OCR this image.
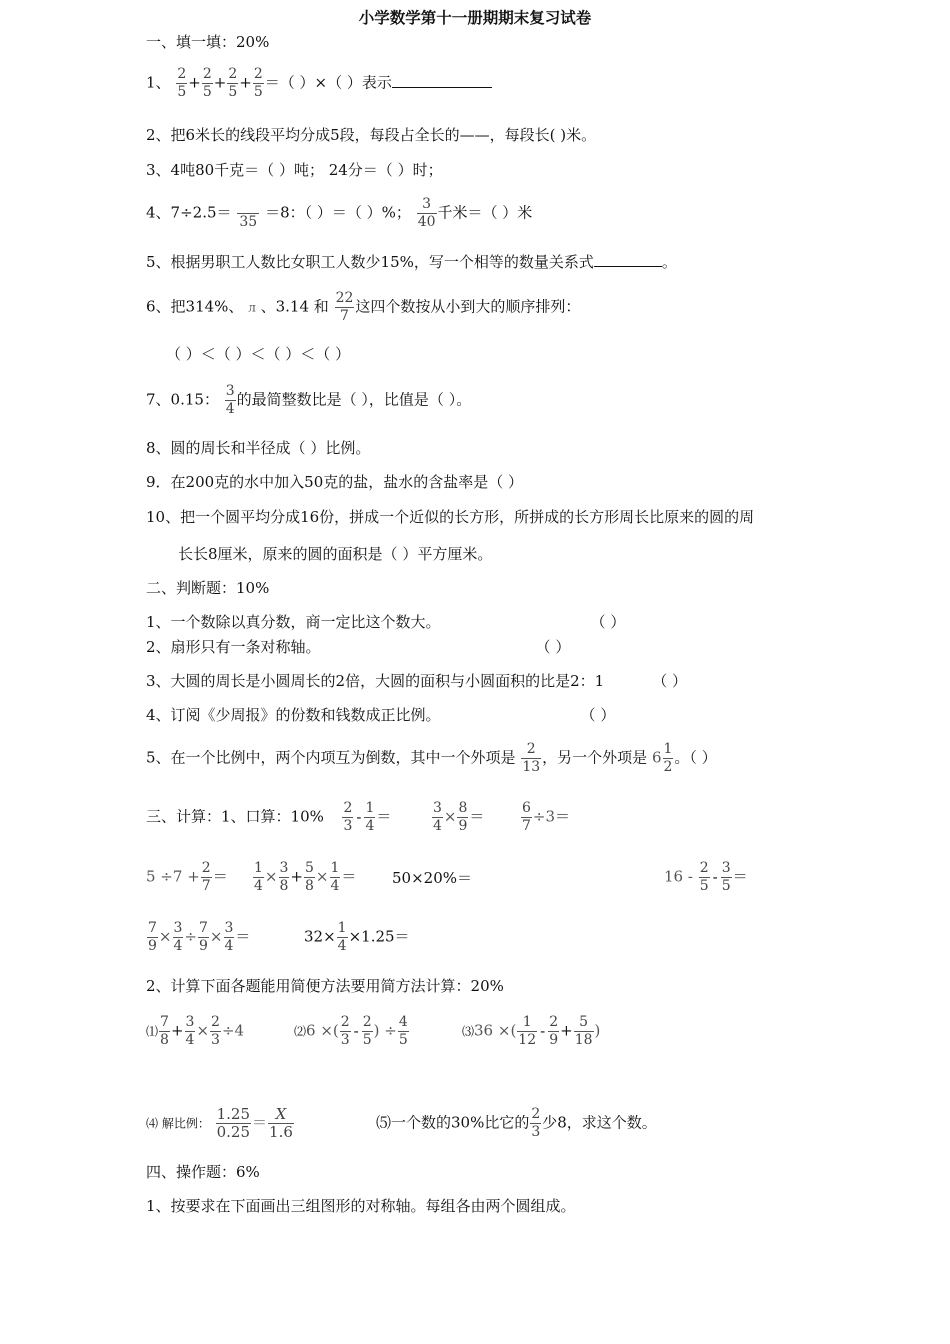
小学数学第十一册期期末复习试卷
一、填一填：20%
1、 $\frac{2}{5} + \frac{2}{5} + \frac{2}{5} + \frac{2}{5}$ ＝（ ）×（ ）表示
2、把6米长的线段平均分成5段，每段占全长的——，每段长( )米。
3、4吨80千克＝（ ）吨； 24分＝（ ）时；
4、7÷2.5＝
35
＝8：（ ）＝（ ）%； $\frac{3}{40}$ 千米＝（ ）米
5、根据男职工人数比女职工人数少15%，写一个相等的数量关系式	。
6、把314%、 л 、3.14 和 $\frac{22}{7}$ 这四个数按从小到大的顺序排列：
（ ）＜（ ）＜（ ）＜（ ）
7、0.15： $\frac{3}{4}$ 的最简整数比是（ ），比值是（ ）。
8、圆的周长和半径成（ ）比例。
9．在200克的水中加入50克的盐，盐水的含盐率是（ ）
10、把一个圆平均分成16份，拼成一个近似的长方形，所拼成的长方形周长比原来的圆的周
长长8厘米，原来的圆的面积是（ ）平方厘米。
二、判断题：10%
1、一个数除以真分数，商一定比这个数大。	（ ）
2、扇形只有一条对称轴。	（ ）
3、大圆的周长是小圆周长的2倍，大圆的面积与小圆面积的比是2：1	（ ）
4、订阅《少周报》的份数和钱数成正比例。	（ ）
5、在一个比例中，两个内项互为倒数，其中一个外项是 $\frac{2}{13}$ ，另一个外项是 $6 \frac{1}{2}$ 。（ ）
三、计算：1、口算：$10\% \frac{2}{3} - \frac{1}{4}$ ＝	$\frac{3}{4} \times \frac{8}{9}$ ＝	$\frac{6}{7} \div 3=$
$5 \div 7 + \frac{2}{7} = \frac{1}{4} \times \frac{3}{8} + \frac{5}{8} \times \frac{1}{4} = 50\times 20\%=$	$16 - \frac{2}{5} - \frac{3}{5}$ ＝
$\frac{7}{9} \times \frac{3}{4} \div \frac{7}{9} \times \frac{3}{4}$ ＝	$32\times \frac{1}{4} \times 1.25=$
2、计算下面各题能用简便方法要用简方法计算：20%
⑴ $\frac{7}{8} + \frac{3}{4} \times \frac{2}{3} \div 4$	⑵6 ×( $\frac{2}{3} - \frac{2}{5}$ ) ÷ $\frac{4}{5}$	⑶36 ×( $\frac{1}{12} - \frac{2}{9} + \frac{5}{18}$ )
⑷ 解比例： $\frac{1.25}{0.25} = \frac{X}{1.6}$	⑸一个数的30%比它的 $\frac{2}{3}$ 少8，求这个数。
四、操作题：6%
1、按要求在下面画出三组图形的对称轴。每组各由两个圆组成。
